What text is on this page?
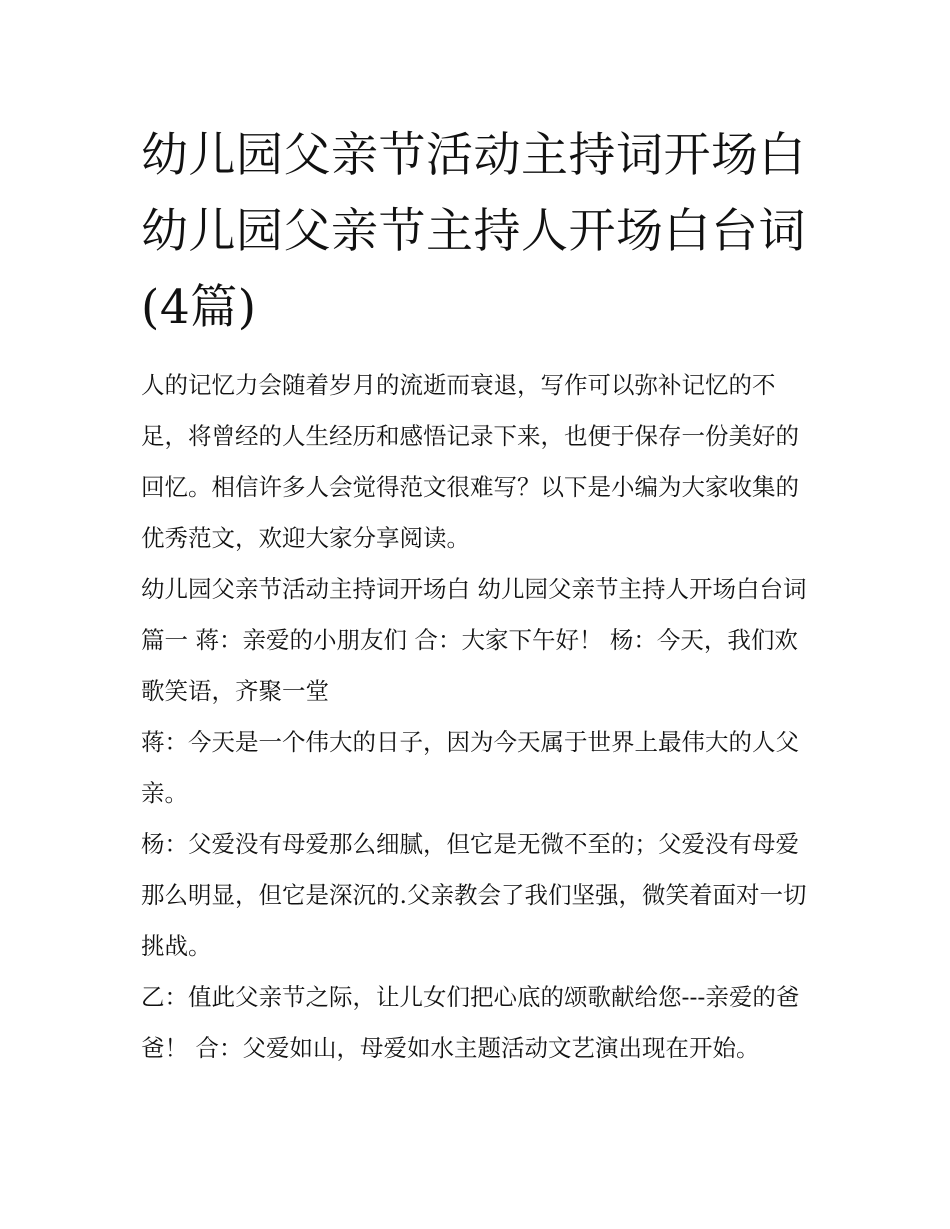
幼儿园父亲节活动主持词开场白 幼儿园父亲节主持人开场白台词(4篇)

人的记忆力会随着岁月的流逝而衰退，写作可以弥补记忆的不足，将曾经的人生经历和感悟记录下来，也便于保存一份美好的回忆。相信许多人会觉得范文很难写？以下是小编为大家收集的优秀范文，欢迎大家分享阅读。

幼儿园父亲节活动主持词开场白 幼儿园父亲节主持人开场白台词篇一 蒋：亲爱的小朋友们 合：大家下午好！ 杨：今天，我们欢歌笑语，齐聚一堂

蒋：今天是一个伟大的日子，因为今天属于世界上最伟大的人父亲。

杨：父爱没有母爱那么细腻，但它是无微不至的；父爱没有母爱那么明显，但它是深沉的.父亲教会了我们坚强，微笑着面对一切挑战。

乙：值此父亲节之际，让儿女们把心底的颂歌献给您---亲爱的爸爸！ 合：父爱如山，母爱如水主题活动文艺演出现在开始。
